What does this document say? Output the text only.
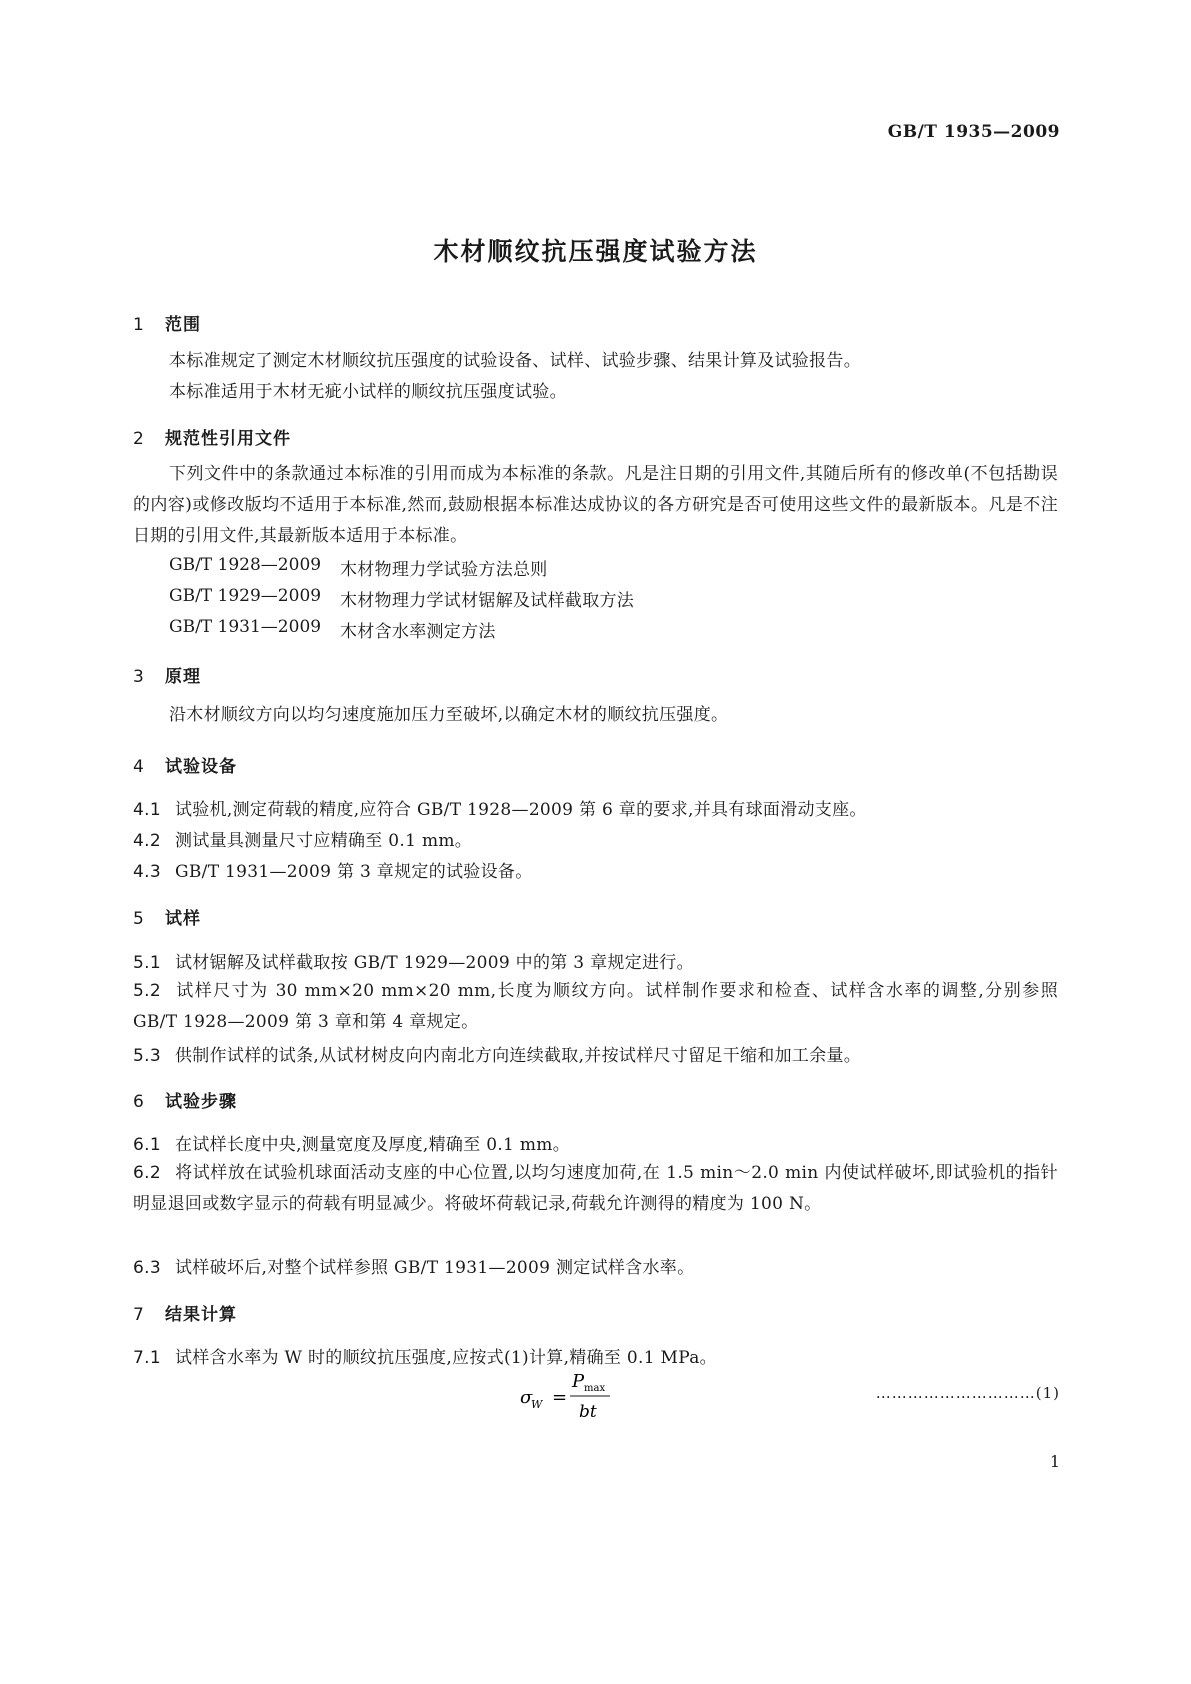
GB/T 1935—2009
木材顺纹抗压强度试验方法
1 范围
本标准规定了测定木材顺纹抗压强度的试验设备、试样、试验步骤、结果计算及试验报告。
本标准适用于木材无疵小试样的顺纹抗压强度试验。
2 规范性引用文件
下列文件中的条款通过本标准的引用而成为本标准的条款。凡是注日期的引用文件,其随后所有的修改单(不包括勘误的内容)或修改版均不适用于本标准,然而,鼓励根据本标准达成协议的各方研究是否可使用这些文件的最新版本。凡是不注日期的引用文件,其最新版本适用于本标准。
GB/T 1928—2009 木材物理力学试验方法总则
GB/T 1929—2009 木材物理力学试材锯解及试样截取方法
GB/T 1931—2009 木材含水率测定方法
3 原理
沿木材顺纹方向以均匀速度施加压力至破坏,以确定木材的顺纹抗压强度。
4 试验设备
4.1 试验机,测定荷载的精度,应符合 GB/T 1928—2009 第 6 章的要求,并具有球面滑动支座。
4.2 测试量具测量尺寸应精确至 0.1 mm。
4.3 GB/T 1931—2009 第 3 章规定的试验设备。
5 试样
5.1 试材锯解及试样截取按 GB/T 1929—2009 中的第 3 章规定进行。
5.2 试样尺寸为 30 mm×20 mm×20 mm,长度为顺纹方向。试样制作要求和检查、试样含水率的调整,分别参照 GB/T 1928—2009 第 3 章和第 4 章规定。
5.3 供制作试样的试条,从试材树皮向内南北方向连续截取,并按试样尺寸留足干缩和加工余量。
6 试验步骤
6.1 在试样长度中央,测量宽度及厚度,精确至 0.1 mm。
6.2 将试样放在试验机球面活动支座的中心位置,以均匀速度加荷,在 1.5 min～2.0 min 内使试样破坏,即试验机的指针明显退回或数字显示的荷载有明显减少。将破坏荷载记录,荷载允许测得的精度为 100 N。
6.3 试样破坏后,对整个试样参照 GB/T 1931—2009 测定试样含水率。
7 结果计算
7.1 试样含水率为 W 时的顺纹抗压强度,应按式(1)计算,精确至 0.1 MPa。
σ
W =
P max
bt
…………………………(1)
1
